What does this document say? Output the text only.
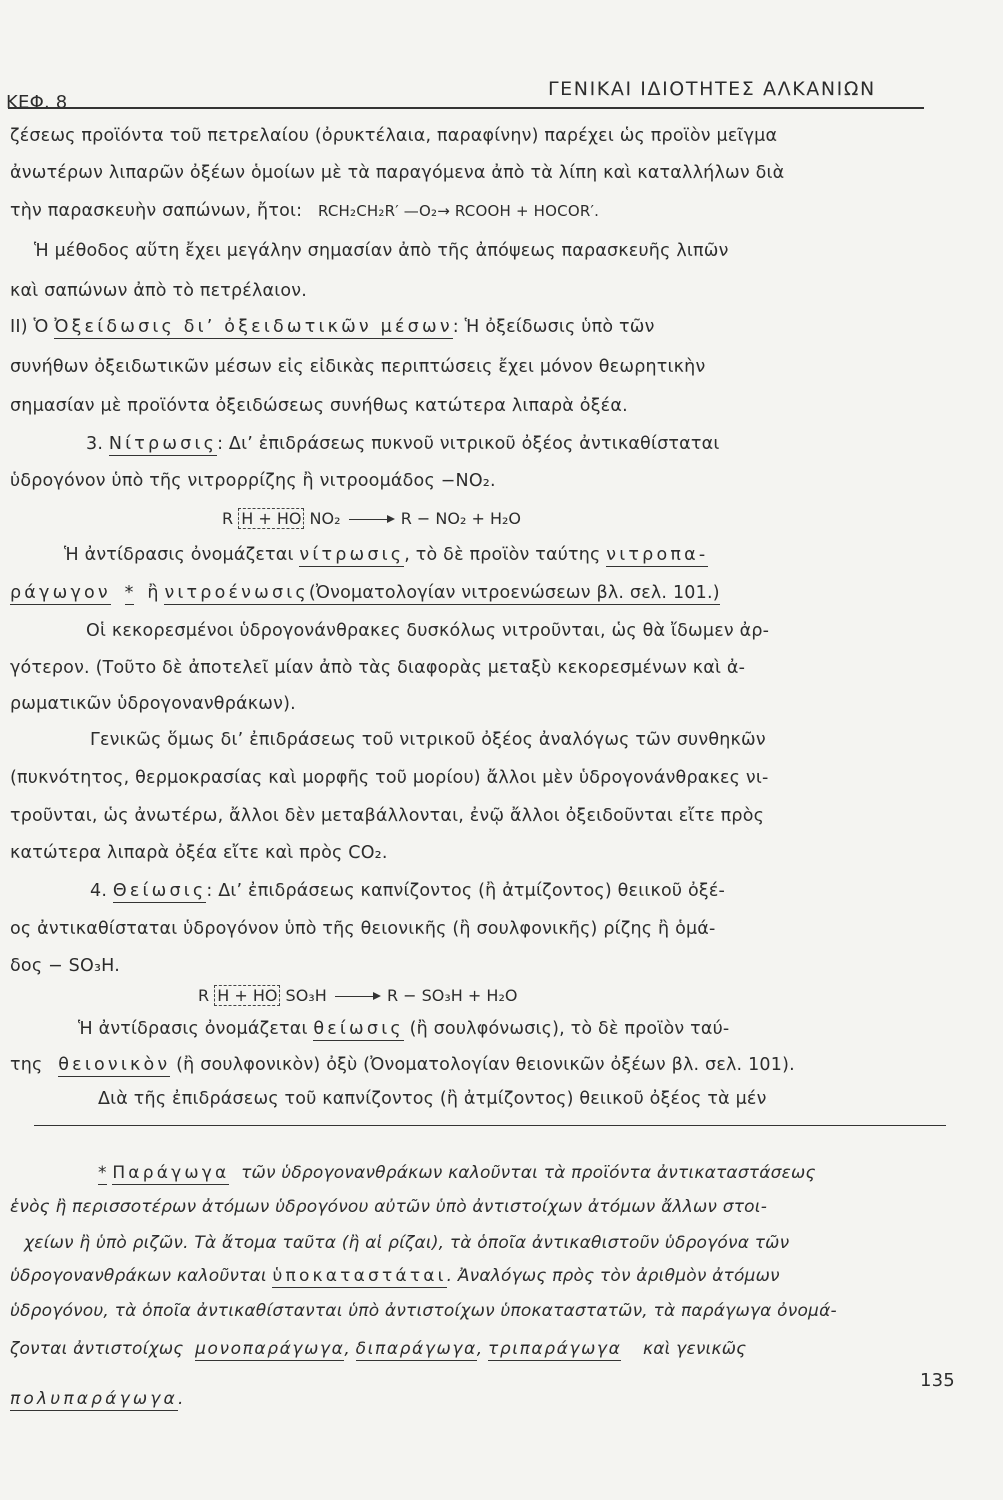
ΚΕΦ. 8
ΓΕΝΙΚΑΙ ΙΔΙΟΤΗΤΕΣ ΑΛΚΑΝΙΩΝ
ζέσεως προϊόντα τοῦ πετρελαίου (ὀρυκτέλαια, παραφίνην) παρέχει ὡς προϊὸν μεῖγμα
ἀνωτέρων λιπαρῶν ὀξέων ὁμοίων μὲ τὰ παραγόμενα ἀπὸ τὰ λίπη καὶ καταλλήλων διὰ
τὴν παρασκευὴν σαπώνων, ἤτοι: RCH₂CH₂R′ —O₂→ RCOOH + HOCOR′.
Ἡ μέθοδος αὕτη ἔχει μεγάλην σημασίαν ἀπὸ τῆς ἀπόψεως παρασκευῆς λιπῶν
καὶ σαπώνων ἀπὸ τὸ πετρέλαιον.
II) Ὁ Ὀξείδωσις δι’ ὀξειδωτικῶν μέσων: Ἡ ὀξείδωσις ὑπὸ τῶν
συνήθων ὀξειδωτικῶν μέσων εἰς εἰδικὰς περιπτώσεις ἔχει μόνον θεωρητικὴν
σημασίαν μὲ προϊόντα ὀξειδώσεως συνήθως κατώτερα λιπαρὰ ὀξέα.
3. Νίτρωσις: Δι’ ἐπιδράσεως πυκνοῦ νιτρικοῦ ὀξέος ἀντικαθίσταται
ὑδρογόνον ὑπὸ τῆς νιτρορρίζης ἢ νιτροομάδος −NO₂.
R H + HO NO₂ → R − NO₂ + H₂O
Ἡ ἀντίδρασις ὀνομάζεται νίτρωσις, τὸ δὲ προϊὸν ταύτης νιτροπα-
ράγωγον * ἢ νιτροένωσις(Ὀνοματολογίαν νιτροενώσεων βλ. σελ. 101.)
Οἱ κεκορεσμένοι ὑδρογονάνθρακες δυσκόλως νιτροῦνται, ὡς θὰ ἴδωμεν ἀρ-
γότερον. (Τοῦτο δὲ ἀποτελεῖ μίαν ἀπὸ τὰς διαφορὰς μεταξὺ κεκορεσμένων καὶ ἀ-
ρωματικῶν ὑδρογονανθράκων).
Γενικῶς ὅμως δι’ ἐπιδράσεως τοῦ νιτρικοῦ ὀξέος ἀναλόγως τῶν συνθηκῶν
(πυκνότητος, θερμοκρασίας καὶ μορφῆς τοῦ μορίου) ἄλλοι μὲν ὑδρογονάνθρακες νι-
τροῦνται, ὡς ἀνωτέρω, ἄλλοι δὲν μεταβάλλονται, ἐνῷ ἄλλοι ὀξειδοῦνται εἴτε πρὸς
κατώτερα λιπαρὰ ὀξέα εἴτε καὶ πρὸς CO₂.
4. Θείωσις: Δι’ ἐπιδράσεως καπνίζοντος (ἢ ἀτμίζοντος) θειικοῦ ὀξέ-
ος ἀντικαθίσταται ὑδρογόνον ὑπὸ τῆς θειονικῆς (ἢ σουλφονικῆς) ρίζης ἢ ὁμά-
δος − SO₃H.
R H + HO SO₃H → R − SO₃H + H₂O
Ἡ ἀντίδρασις ὀνομάζεται θείωσις (ἢ σουλφόνωσις), τὸ δὲ προϊὸν ταύ-
της θειονικὸν (ἢ σουλφονικὸν) ὀξὺ (Ὀνοματολογίαν θειονικῶν ὀξέων βλ. σελ. 101).
Διὰ τῆς ἐπιδράσεως τοῦ καπνίζοντος (ἢ ἀτμίζοντος) θειικοῦ ὀξέος τὰ μέν
* Παράγωγα τῶν ὑδρογονανθράκων καλοῦνται τὰ προϊόντα ἀντικαταστάσεως
ἑνὸς ἢ περισσοτέρων ἀτόμων ὑδρογόνου αὐτῶν ὑπὸ ἀντιστοίχων ἀτόμων ἄλλων στοι-
χείων ἢ ὑπὸ ριζῶν. Τὰ ἄτομα ταῦτα (ἢ αἱ ρίζαι), τὰ ὁποῖα ἀντικαθιστοῦν ὑδρογόνα τῶν
ὑδρογονανθράκων καλοῦνται ὑποκαταστάται. Ἀναλόγως πρὸς τὸν ἀριθμὸν ἀτόμων
ὑδρογόνου, τὰ ὁποῖα ἀντικαθίστανται ὑπὸ ἀντιστοίχων ὑποκαταστατῶν, τὰ παράγωγα ὀνομά-
ζονται ἀντιστοίχως μονοπαράγωγα, διπαράγωγα, τριπαράγωγα καὶ γενικῶς
πολυπαράγωγα.
135
